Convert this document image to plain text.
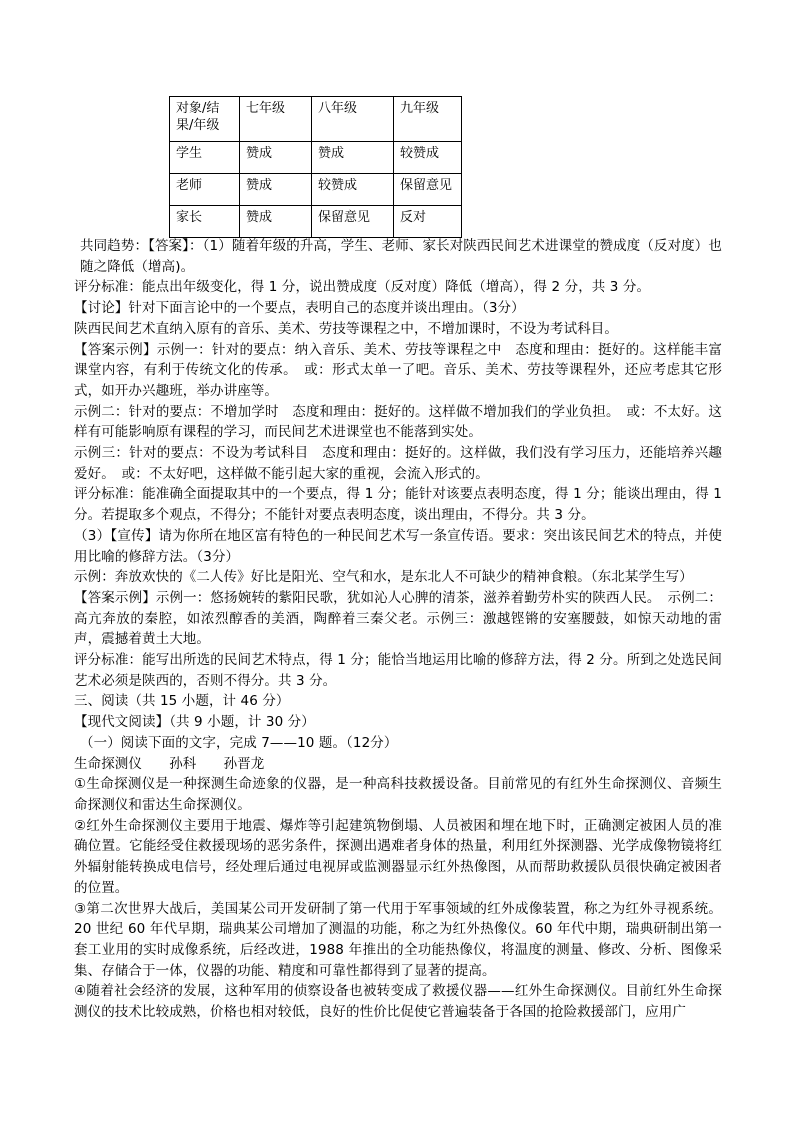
对象/结果/年级	七年级	八年级	九年级
学生	赞成	赞成	较赞成
老师	赞成	较赞成	保留意见
家长	赞成	保留意见	反对

共同趋势：【答案】：（1）随着年级的升高，学生、老师、家长对陕西民间艺术进课堂的赞成度（反对度）也随之降低（增高)。

评分标准：能点出年级变化，得 1 分，说出赞成度（反对度）降低（增高），得 2 分，共 3 分。

【讨论】针对下面言论中的一个要点，表明自己的态度并谈出理由。（3分）

陕西民间艺术直纳入原有的音乐、美术、劳技等课程之中，不增加课时，不设为考试科目。

【答案示例】示例一：针对的要点：纳入音乐、美术、劳技等课程之中　态度和理由：挺好的。这样能丰富课堂内容，有利于传统文化的传承。　或：形式太单一了吧。音乐、美术、劳技等课程外，还应考虑其它形式，如开办兴趣班，举办讲座等。

示例二：针对的要点：不增加学时　态度和理由：挺好的。这样做不增加我们的学业负担。　或：不太好。这样有可能影响原有课程的学习，而民间艺术进课堂也不能落到实处。

示例三：针对的要点：不设为考试科目　态度和理由：挺好的。这样做，我们没有学习压力，还能培养兴趣爱好。　或：不太好吧，这样做不能引起大家的重视，会流入形式的。

评分标准：能准确全面提取其中的一个要点，得 1 分；能针对该要点表明态度，得 1 分；能谈出理由，得 1 分。若提取多个观点，不得分；不能针对要点表明态度，谈出理由，不得分。共 3 分。

（3）【宣传】请为你所在地区富有特色的一种民间艺术写一条宣传语。要求：突出该民间艺术的特点，并使用比喻的修辞方法。（3分）

示例：奔放欢快的《二人传》好比是阳光、空气和水，是东北人不可缺少的精神食粮。（东北某学生写）

【答案示例】示例一：悠扬婉转的紫阳民歌，犹如沁人心脾的清茶，滋养着勤劳朴实的陕西人民。　示例二：高亢奔放的秦腔，如浓烈醇香的美酒，陶醉着三秦父老。示例三：激越铿锵的安塞腰鼓，如惊天动地的雷声，震撼着黄土大地。

评分标准：能写出所选的民间艺术特点，得 1 分；能恰当地运用比喻的修辞方法，得 2 分。所到之处选民间艺术必须是陕西的，否则不得分。共 3 分。

三、阅读（共 15 小题，计 46 分）

【现代文阅读】（共 9 小题，计 30 分）

（一）阅读下面的文字，完成 7——10 题。（12分）

生命探测仪　　孙科　　孙晋龙

①生命探测仪是一种探测生命迹象的仪器，是一种高科技救援设备。目前常见的有红外生命探测仪、音频生命探测仪和雷达生命探测仪。

②红外生命探测仪主要用于地震、爆炸等引起建筑物倒塌、人员被困和埋在地下时，正确测定被困人员的准确位置。它能经受住救援现场的恶劣条件，探测出遇难者身体的热量，利用红外探测器、光学成像物镜将红外辐射能转换成电信号，经处理后通过电视屏或监测器显示红外热像图，从而帮助救援队员很快确定被困者的位置。

③第二次世界大战后，美国某公司开发研制了第一代用于军事领域的红外成像装置，称之为红外寻视系统。20 世纪 60 年代早期，瑞典某公司增加了测温的功能，称之为红外热像仪。60 年代中期，瑞典研制出第一套工业用的实时成像系统，后经改进，1988 年推出的全功能热像仪，将温度的测量、修改、分析、图像采集、存储合于一体，仪器的功能、精度和可靠性都得到了显著的提高。

④随着社会经济的发展，这种军用的侦察设备也被转变成了救援仪器——红外生命探测仪。目前红外生命探测仪的技术比较成熟，价格也相对较低，良好的性价比促使它普遍装备于各国的抢险救援部门，应用广
